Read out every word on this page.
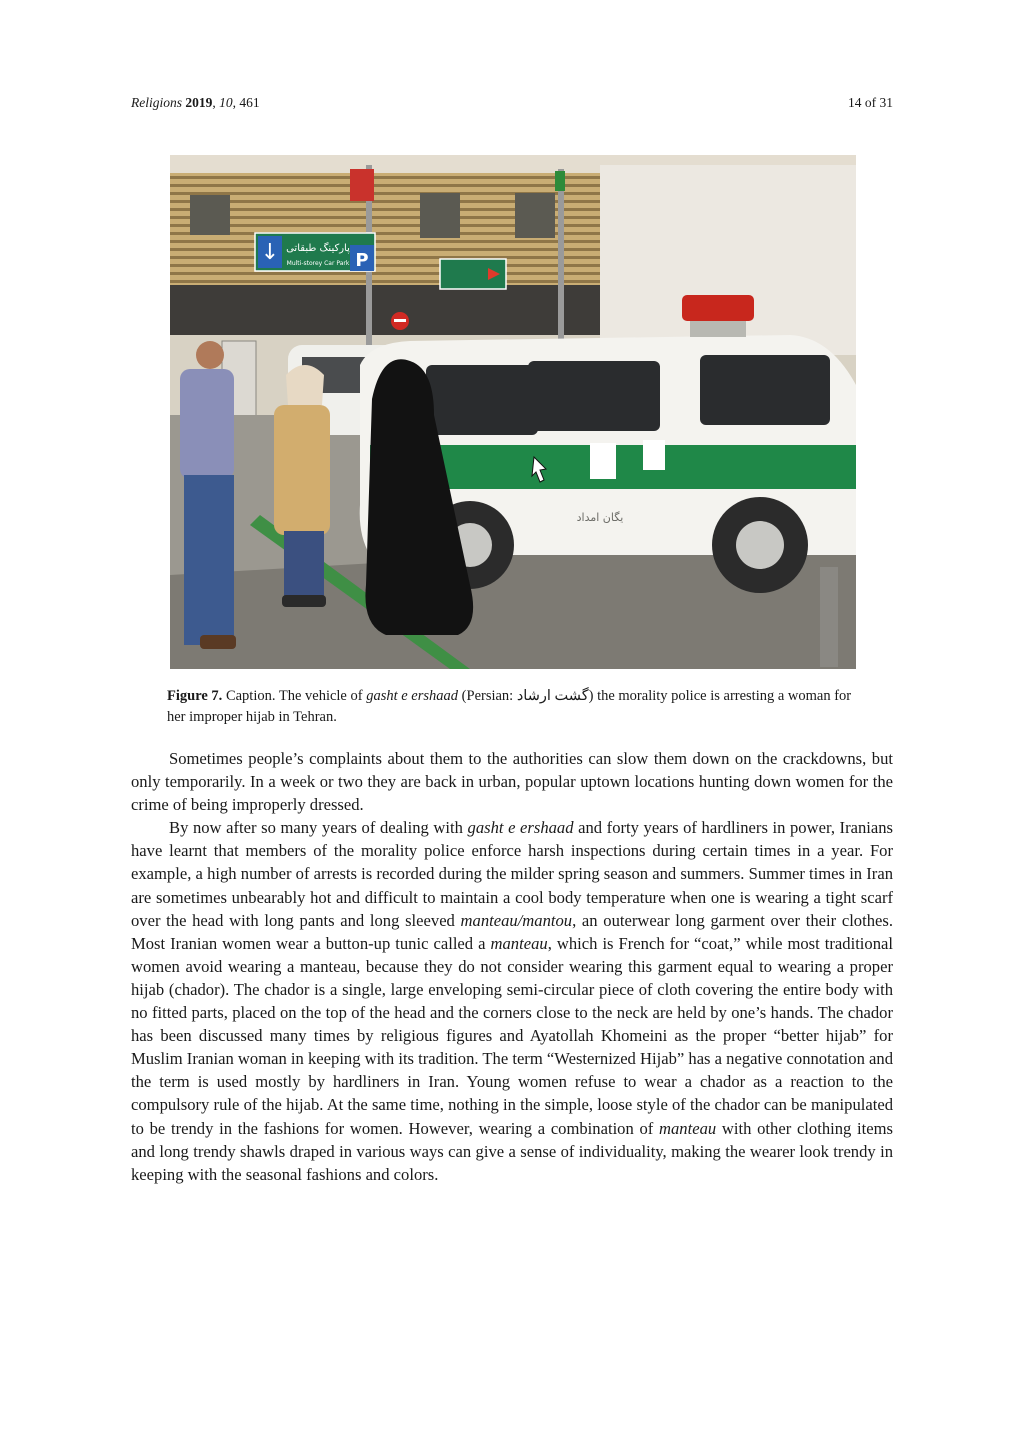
Religions 2019, 10, 461	14 of 31
↓ پارکینگ طبقاتی
Multi-storey Car Park P
یگان امداد
Figure 7. Caption. The vehicle of gasht e ershaad (Persian: گشت ارشاد) the morality police is arresting a woman for her improper hijab in Tehran.

Sometimes people’s complaints about them to the authorities can slow them down on the crackdowns, but only temporarily. In a week or two they are back in urban, popular uptown locations hunting down women for the crime of being improperly dressed.

By now after so many years of dealing with gasht e ershaad and forty years of hardliners in power, Iranians have learnt that members of the morality police enforce harsh inspections during certain times in a year. For example, a high number of arrests is recorded during the milder spring season and summers. Summer times in Iran are sometimes unbearably hot and difficult to maintain a cool body temperature when one is wearing a tight scarf over the head with long pants and long sleeved manteau/mantou, an outerwear long garment over their clothes. Most Iranian women wear a button-up tunic called a manteau, which is French for “coat,” while most traditional women avoid wearing a manteau, because they do not consider wearing this garment equal to wearing a proper hijab (chador). The chador is a single, large enveloping semi-circular piece of cloth covering the entire body with no fitted parts, placed on the top of the head and the corners close to the neck are held by one’s hands. The chador has been discussed many times by religious figures and Ayatollah Khomeini as the proper “better hijab” for Muslim Iranian woman in keeping with its tradition. The term “Westernized Hijab” has a negative connotation and the term is used mostly by hardliners in Iran. Young women refuse to wear a chador as a reaction to the compulsory rule of the hijab. At the same time, nothing in the simple, loose style of the chador can be manipulated to be trendy in the fashions for women. However, wearing a combination of manteau with other clothing items and long trendy shawls draped in various ways can give a sense of individuality, making the wearer look trendy in keeping with the seasonal fashions and colors.
